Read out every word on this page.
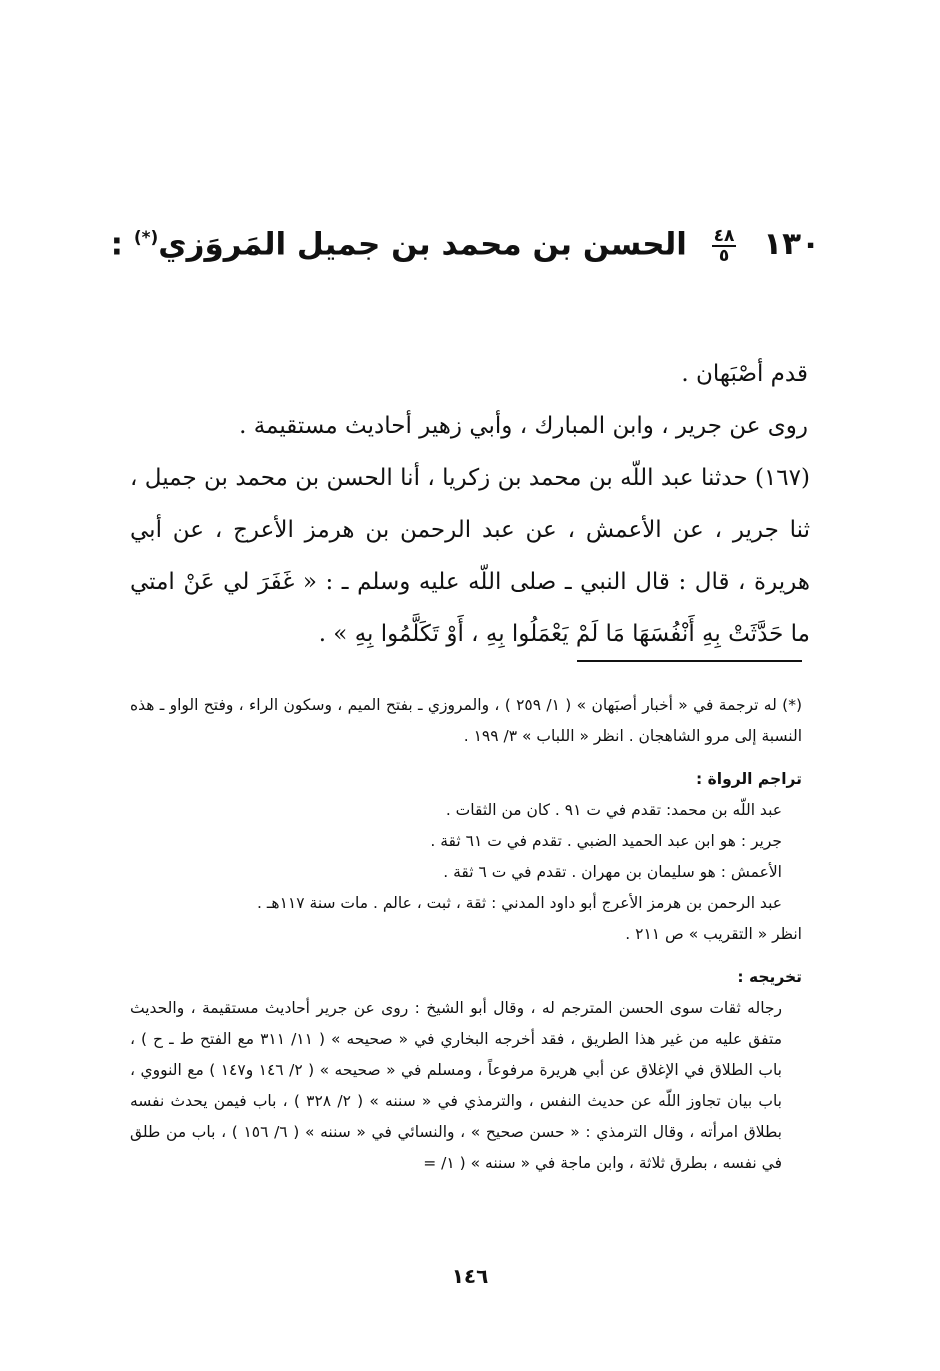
١٣٠
$\frac{٤٨}{٥}$
الحسن بن محمد بن جميل المَروَزي(*) :

قدم أصْبَهان .

روى عن جرير ، وابن المبارك ، وأبي زهير أحاديث مستقيمة .

(١٦٧) حدثنا عبد اللّه بن محمد بن زكريا ، أنا الحسن بن محمد بن جميل ، ثنا جرير ، عن الأعمش ، عن عبد الرحمن بن هرمز الأعرج ، عن أبي هريرة ، قال : قال النبي ـ صلى اللّه عليه وسلم ـ : « غَفَرَ لي عَنْ امتي ما حَدَّثَتْ بِهِ أَنْفُسَهَا مَا لَمْ يَعْمَلُوا بِهِ ، أَوْ تَكَلَّمُوا بِهِ » .

(*) له ترجمة في « أخبار أصبَهان » ( ١/ ٢٥٩ ) ، والمروزي ـ بفتح الميم ، وسكون الراء ، وفتح الواو ـ هذه النسبة إلى مرو الشاهجان . انظر « اللباب » ٣/ ١٩٩ .

تراجم الرواة :

عبد اللّه بن محمد: تقدم في ت ٩١ . كان من الثقات .

جرير : هو ابن عبد الحميد الضبي . تقدم في ت ٦١ ثقة .

الأعمش : هو سليمان بن مهران . تقدم في ت ٦ ثقة .

عبد الرحمن بن هرمز الأعرج أبو داود المدني : ثقة ، ثبت ، عالم . مات سنة ١١٧هـ .

انظر « التقريب » ص ٢١١ .

تخريجه :

رجاله ثقات سوى الحسن المترجم له ، وقال أبو الشيخ : روى عن جرير أحاديث مستقيمة ، والحديث متفق عليه من غير هذا الطريق ، فقد أخرجه البخاري في « صحيحه » ( ١١/ ٣١١ مع الفتح ط ـ ح ) ، باب الطلاق في الإغلاق عن أبي هريرة مرفوعاً ، ومسلم في « صحيحه » ( ٢/ ١٤٦ و١٤٧ ) مع النووي ، باب بيان تجاوز اللّه عن حديث النفس ، والترمذي في « سننه » ( ٢/ ٣٢٨ ) ، باب فيمن يحدث نفسه بطلاق امرأته ، وقال الترمذي : « حسن صحيح » ، والنسائي في « سننه » ( ٦/ ١٥٦ ) ، باب من طلق في نفسه ، بطرق ثلاثة ، وابن ماجة في « سننه » ( ١/ =

١٤٦
